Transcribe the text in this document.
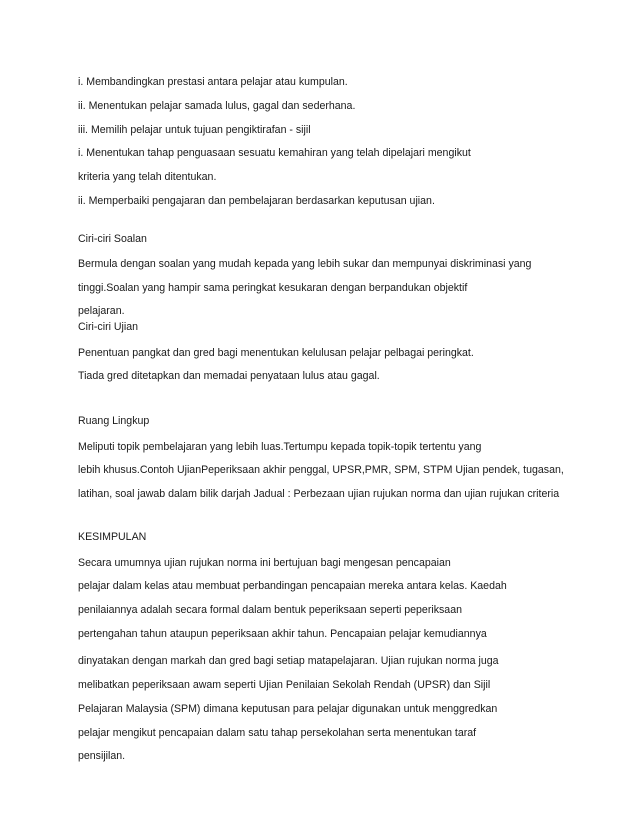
i. Membandingkan prestasi antara pelajar atau kumpulan.
ii. Menentukan pelajar samada lulus, gagal dan sederhana.
iii. Memilih pelajar untuk tujuan pengiktirafan - sijil
i. Menentukan tahap penguasaan sesuatu kemahiran yang telah dipelajari mengikut
kriteria yang telah ditentukan.
ii. Memperbaiki pengajaran dan pembelajaran berdasarkan keputusan ujian.
Ciri-ciri Soalan
Bermula dengan soalan yang mudah kepada yang lebih sukar dan mempunyai diskriminasi yang
tinggi.Soalan yang hampir sama peringkat kesukaran dengan berpandukan objektif
pelajaran.
Ciri-ciri Ujian
Penentuan pangkat dan gred bagi menentukan kelulusan pelajar pelbagai peringkat.
Tiada gred ditetapkan dan memadai penyataan lulus atau gagal.
Ruang Lingkup
Meliputi topik pembelajaran yang lebih luas.Tertumpu kepada topik-topik tertentu yang
lebih khusus.Contoh UjianPeperiksaan akhir penggal, UPSR,PMR, SPM, STPM Ujian pendek, tugasan,
latihan, soal jawab dalam bilik darjah Jadual : Perbezaan ujian rujukan norma dan ujian rujukan criteria
KESIMPULAN
Secara umumnya ujian rujukan norma ini bertujuan bagi mengesan pencapaian
pelajar dalam kelas atau membuat perbandingan pencapaian mereka antara kelas. Kaedah
penilaiannya adalah secara formal dalam bentuk peperiksaan seperti peperiksaan
pertengahan tahun ataupun peperiksaan akhir tahun. Pencapaian pelajar kemudiannya
dinyatakan dengan markah dan gred bagi setiap matapelajaran. Ujian rujukan norma juga
melibatkan peperiksaan awam seperti Ujian Penilaian Sekolah Rendah (UPSR) dan Sijil
Pelajaran Malaysia (SPM) dimana keputusan para pelajar digunakan untuk menggredkan
pelajar mengikut pencapaian dalam satu tahap persekolahan serta menentukan taraf
pensijilan.
